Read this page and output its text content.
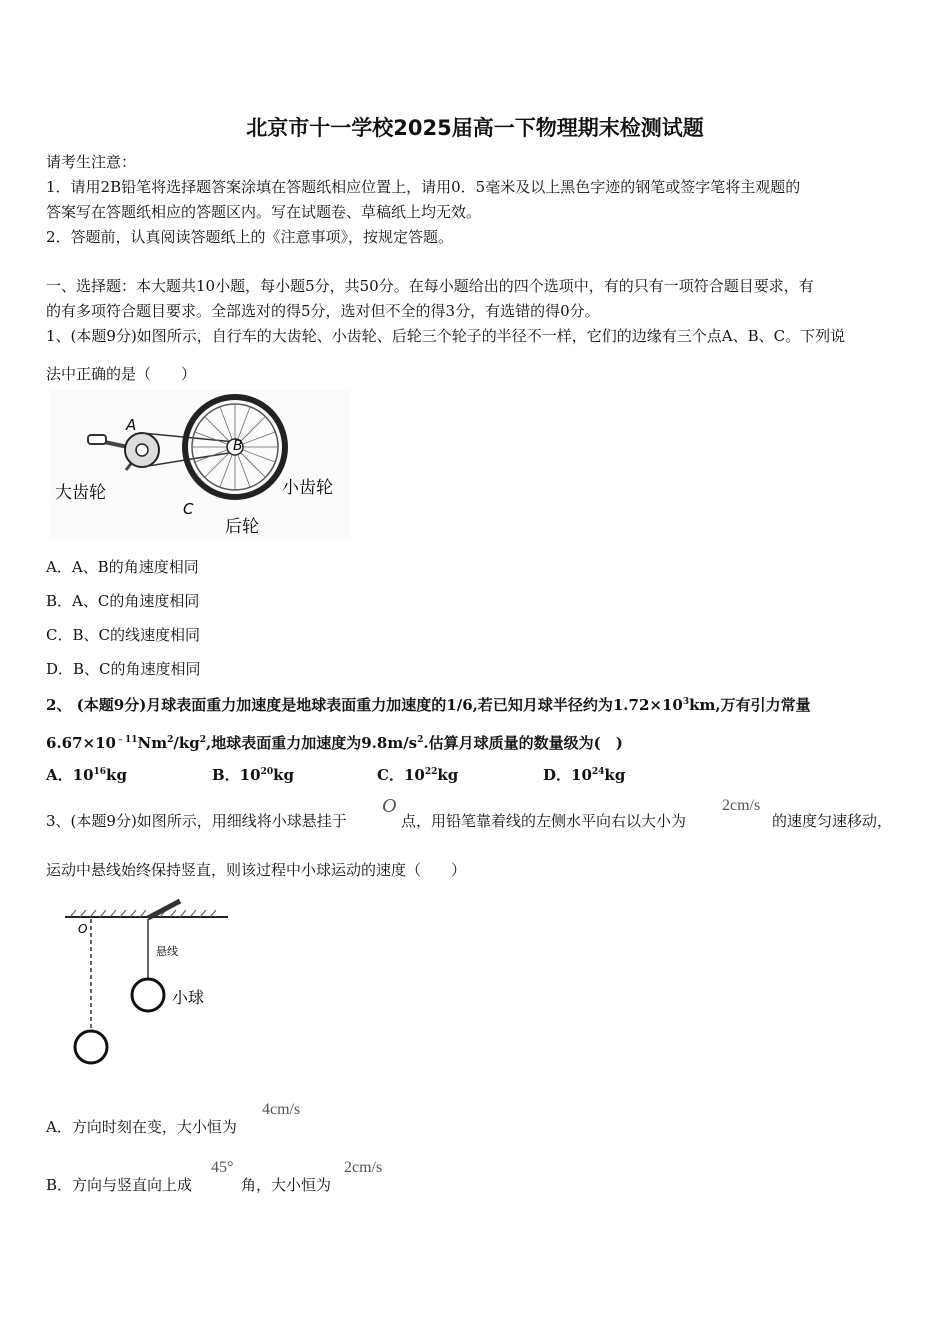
北京市十一学校2025届高一下物理期末检测试题
请考生注意：
1．请用2B铅笔将选择题答案涂填在答题纸相应位置上，请用0．5毫米及以上黑色字迹的钢笔或签字笔将主观题的
答案写在答题纸相应的答题区内。写在试题卷、草稿纸上均无效。
2．答题前，认真阅读答题纸上的《注意事项》，按规定答题。
一、选择题：本大题共10小题，每小题5分，共50分。在每小题给出的四个选项中，有的只有一项符合题目要求，有
的有多项符合题目要求。全部选对的得5分，选对但不全的得3分，有选错的得0分。
1、(本题9分)如图所示，自行车的大齿轮、小齿轮、后轮三个轮子的半径不一样，它们的边缘有三个点A、B、C。下列说
法中正确的是（　　）
A
B
C
大齿轮	小齿轮
后轮
A．A、B的角速度相同
B．A、C的角速度相同
C．B、C的线速度相同
D．B、C的角速度相同
2、 (本题9分)月球表面重力加速度是地球表面重力加速度的1/6,若已知月球半径约为$1.72\times 10^3km$,万有引力常量
$6.67\times 10^{﹣11}Nm^2/kg^2$,地球表面重力加速度为$9.8m/s^2$.估算月球质量的数量级为(　)
A．$10^{16}kg$	B．$10^{20}kg$	C．$10^{22}kg$	D．$10^{24}kg$
3、(本题9分)如图所示，用细线将小球悬挂于
O
点，用铅笔靠着线的左侧水平向右以大小为
2cm/s
的速度匀速移动，
运动中悬线始终保持竖直，则该过程中小球运动的速度（　　）
O
悬线
小球
A．方向时刻在变，大小恒为
4cm/s
B．方向与竖直向上成
45°
角，大小恒为
2cm/s
